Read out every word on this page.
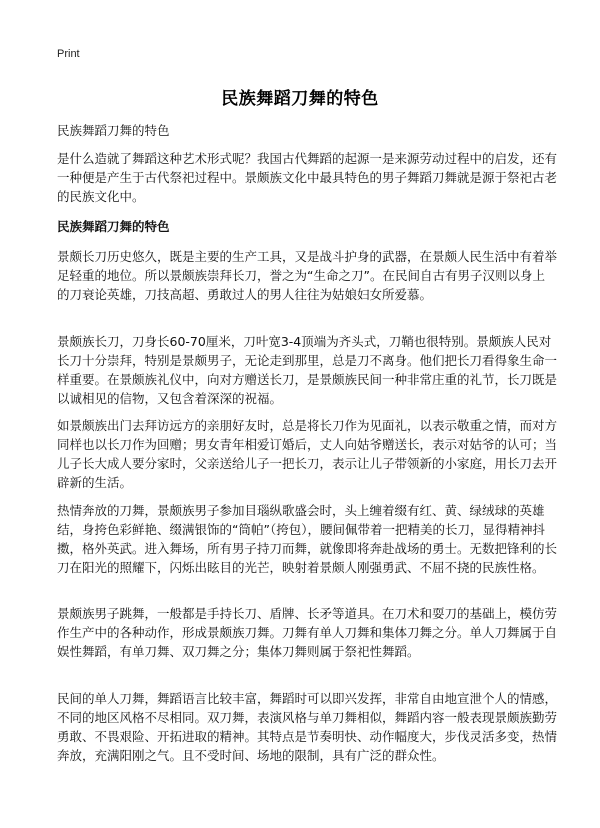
Print
民族舞蹈刀舞的特色
民族舞蹈刀舞的特色
是什么造就了舞蹈这种艺术形式呢？我国古代舞蹈的起源一是来源劳动过程中的启发，还有一种便是产生于古代祭祀过程中。景颇族文化中最具特色的男子舞蹈刀舞就是源于祭祀古老的民族文化中。
民族舞蹈刀舞的特色
景颇长刀历史悠久，既是主要的生产工具，又是战斗护身的武器，在景颇人民生活中有着举足轻重的地位。所以景颇族崇拜长刀，誉之为“生命之刀”。在民间自古有男子汉则以身上的刀衰论英雄，刀技高超、勇敢过人的男人往往为姑娘妇女所爱慕。
景颇族长刀，刀身长60-70厘米，刀叶宽3-4顶端为齐头式，刀鞘也很特别。景颇族人民对长刀十分崇拜，特别是景颇男子，无论走到那里，总是刀不离身。他们把长刀看得象生命一样重要。在景颇族礼仪中，向对方赠送长刀，是景颇族民间一种非常庄重的礼节，长刀既是以诚相见的信物，又包含着深深的祝福。
如景颇族出门去拜访远方的亲朋好友时，总是将长刀作为见面礼，以表示敬重之情，而对方同样也以长刀作为回赠；男女青年相爱订婚后，丈人向姑爷赠送长，表示对姑爷的认可；当儿子长大成人要分家时，父亲送给儿子一把长刀，表示让儿子带领新的小家庭，用长刀去开辟新的生活。
热情奔放的刀舞，景颇族男子参加目瑙纵歌盛会时，头上缠着缀有红、黄、绿绒球的英雄结，身挎色彩鲜艳、缀满银饰的“筒帕”（挎包），腰间佩带着一把精美的长刀，显得精神抖擞，格外英武。进入舞场，所有男子持刀而舞，就像即将奔赴战场的勇士。无数把锋利的长刀在阳光的照耀下，闪烁出眩目的光芒，映射着景颇人刚强勇武、不屈不挠的民族性格。
景颇族男子跳舞，一般都是手持长刀、盾牌、长矛等道具。在刀术和耍刀的基础上，模仿劳作生产中的各种动作，形成景颇族刀舞。刀舞有单人刀舞和集体刀舞之分。单人刀舞属于自娱性舞蹈，有单刀舞、双刀舞之分；集体刀舞则属于祭祀性舞蹈。
民间的单人刀舞，舞蹈语言比较丰富，舞蹈时可以即兴发挥，非常自由地宣泄个人的情感，不同的地区风格不尽相同。双刀舞，表演风格与单刀舞相似，舞蹈内容一般表现景颇族勤劳勇敢、不畏艰险、开拓进取的精神。其特点是节奏明快、动作幅度大，步伐灵活多变，热情奔放，充满阳刚之气。且不受时间、场地的限制，具有广泛的群众性。
